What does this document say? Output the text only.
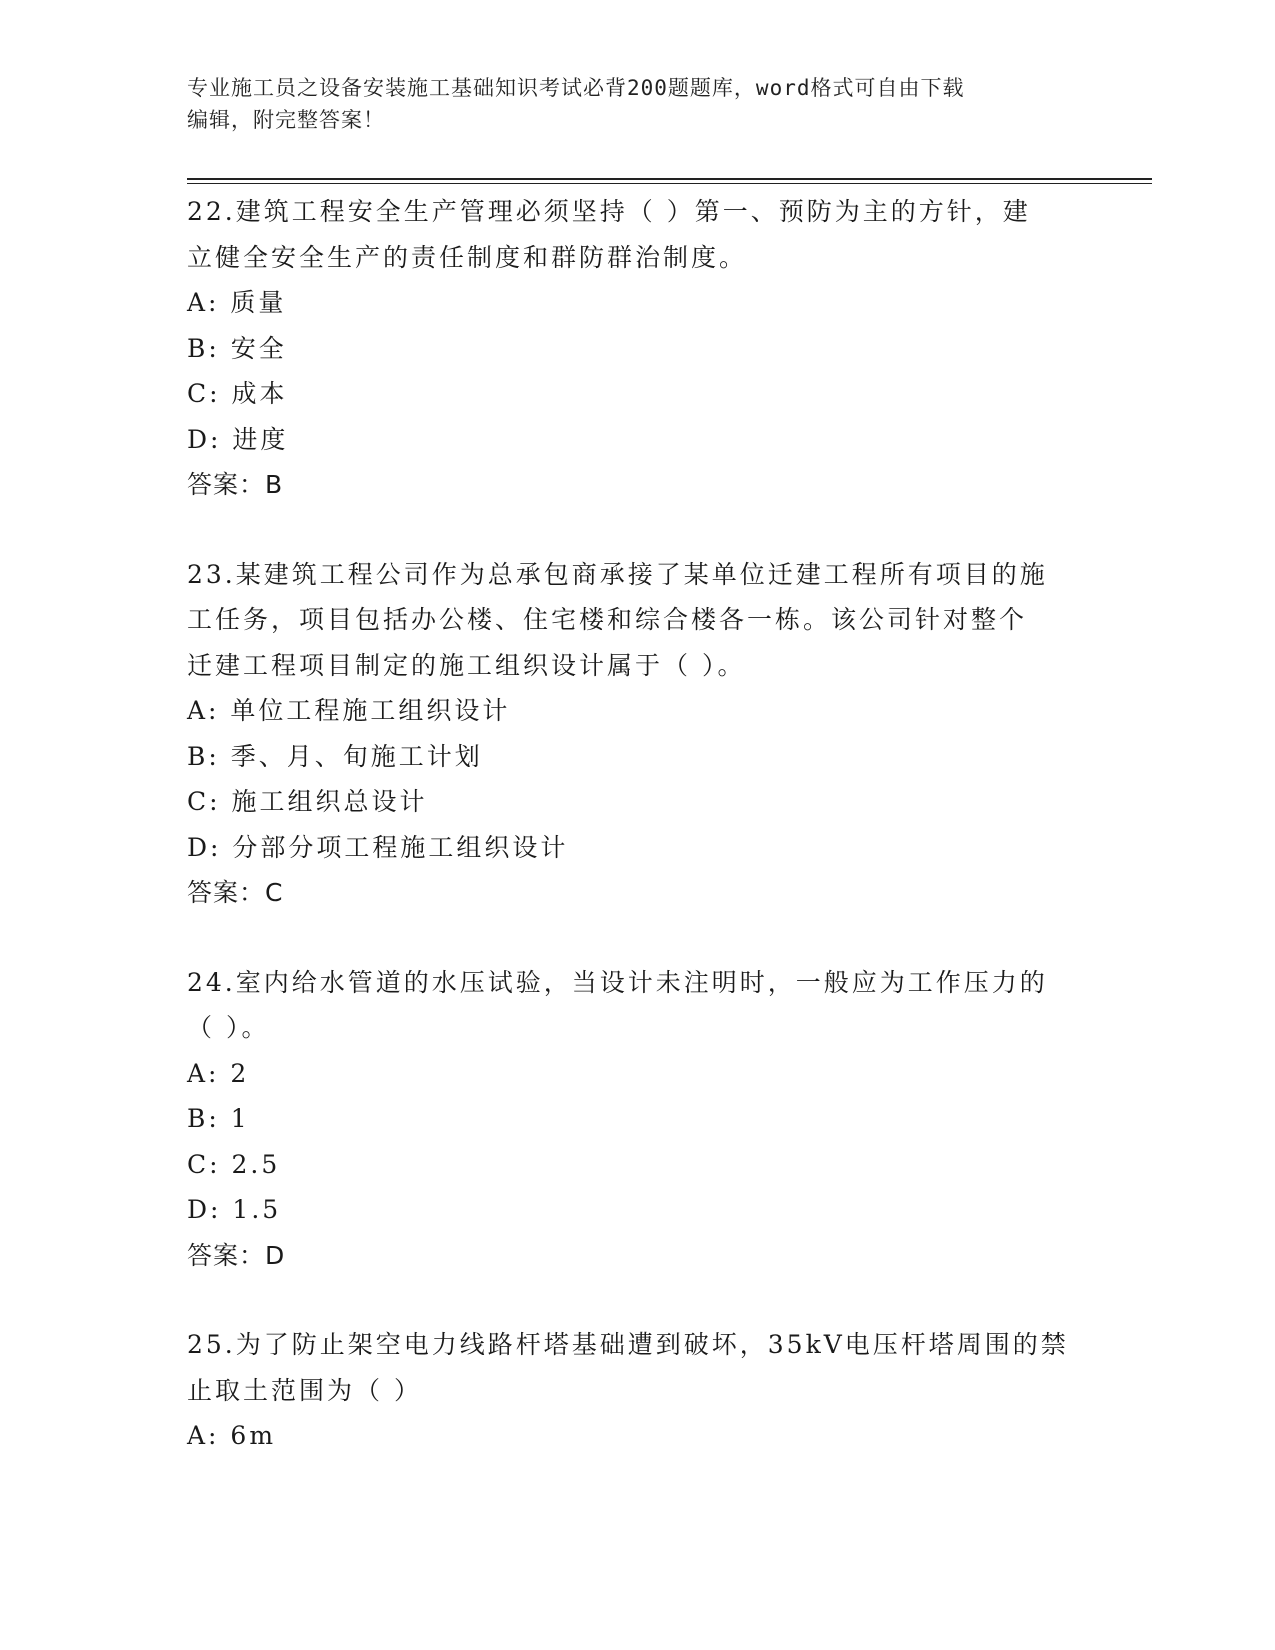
专业施工员之设备安装施工基础知识考试必背200题题库，word格式可自由下载
编辑，附完整答案！
22.建筑工程安全生产管理必须坚持（ ）第一、预防为主的方针，建
立健全安全生产的责任制度和群防群治制度。
A: 质量
B: 安全
C: 成本
D: 进度
答案：B
23.某建筑工程公司作为总承包商承接了某单位迁建工程所有项目的施
工任务，项目包括办公楼、住宅楼和综合楼各一栋。该公司针对整个
迁建工程项目制定的施工组织设计属于（ ）。
A: 单位工程施工组织设计
B: 季、月、旬施工计划
C: 施工组织总设计
D: 分部分项工程施工组织设计
答案：C
24.室内给水管道的水压试验，当设计未注明时，一般应为工作压力的
（ ）。
A: 2
B: 1
C: 2.5
D: 1.5
答案：D
25.为了防止架空电力线路杆塔基础遭到破坏，35kV电压杆塔周围的禁
止取土范围为（ ）
A: 6m
